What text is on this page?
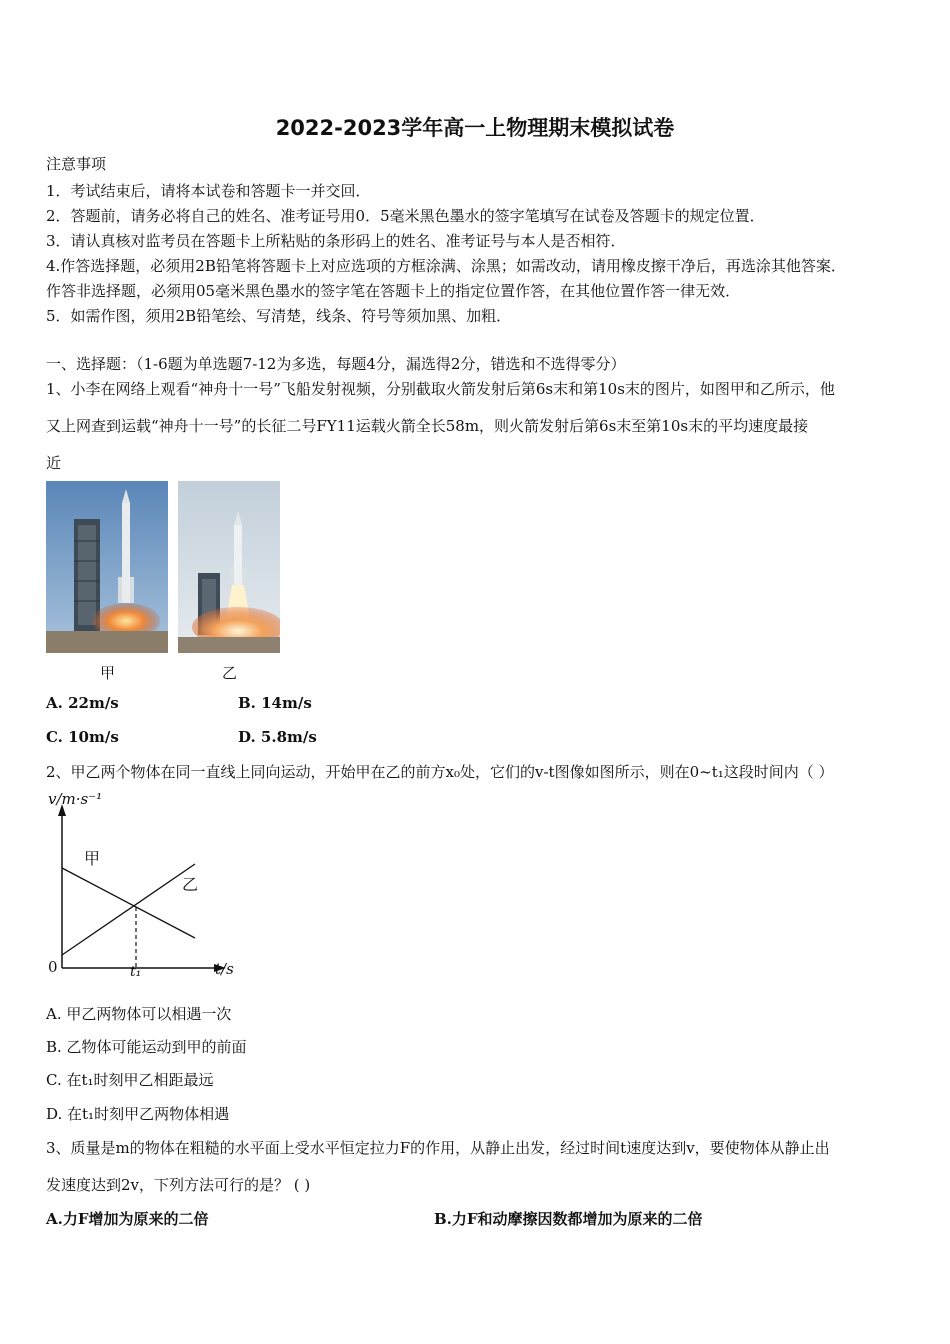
2022-2023学年高一上物理期末模拟试卷
注意事项
1．考试结束后，请将本试卷和答题卡一并交回．
2．答题前，请务必将自己的姓名、准考证号用0．5毫米黑色墨水的签字笔填写在试卷及答题卡的规定位置．
3．请认真核对监考员在答题卡上所粘贴的条形码上的姓名、准考证号与本人是否相符．
4.作答选择题，必须用2B铅笔将答题卡上对应选项的方框涂满、涂黑；如需改动，请用橡皮擦干净后，再选涂其他答案．
作答非选择题，必须用05毫米黑色墨水的签字笔在答题卡上的指定位置作答，在其他位置作答一律无效．
5．如需作图，须用2B铅笔绘、写清楚，线条、符号等须加黑、加粗．
一、选择题：（1-6题为单选题7-12为多选，每题4分，漏选得2分，错选和不选得零分）
1、小李在网络上观看“神舟十一号”飞船发射视频，分别截取火箭发射后第6s末和第10s末的图片，如图甲和乙所示，他
又上网查到运载“神舟十一号”的长征二号FY11运载火箭全长58m，则火箭发射后第6s末至第10s末的平均速度最接
近
甲	乙
A. 22m/s	B. 14m/s
C. 10m/s	D. 5.8m/s
2、甲乙两个物体在同一直线上同向运动，开始甲在乙的前方x₀处，它们的v-t图像如图所示，则在0~t₁这段时间内（ ）
v/m·s⁻¹
t/s
0	t₁
甲
乙
A. 甲乙两物体可以相遇一次
B. 乙物体可能运动到甲的前面
C. 在t₁时刻甲乙相距最远
D. 在t₁时刻甲乙两物体相遇
3、质量是m的物体在粗糙的水平面上受水平恒定拉力F的作用，从静止出发，经过时间t速度达到v，要使物体从静止出
发速度达到2v，下列方法可行的是？ ( )
A.力F增加为原来的二倍	B.力F和动摩擦因数都增加为原来的二倍
